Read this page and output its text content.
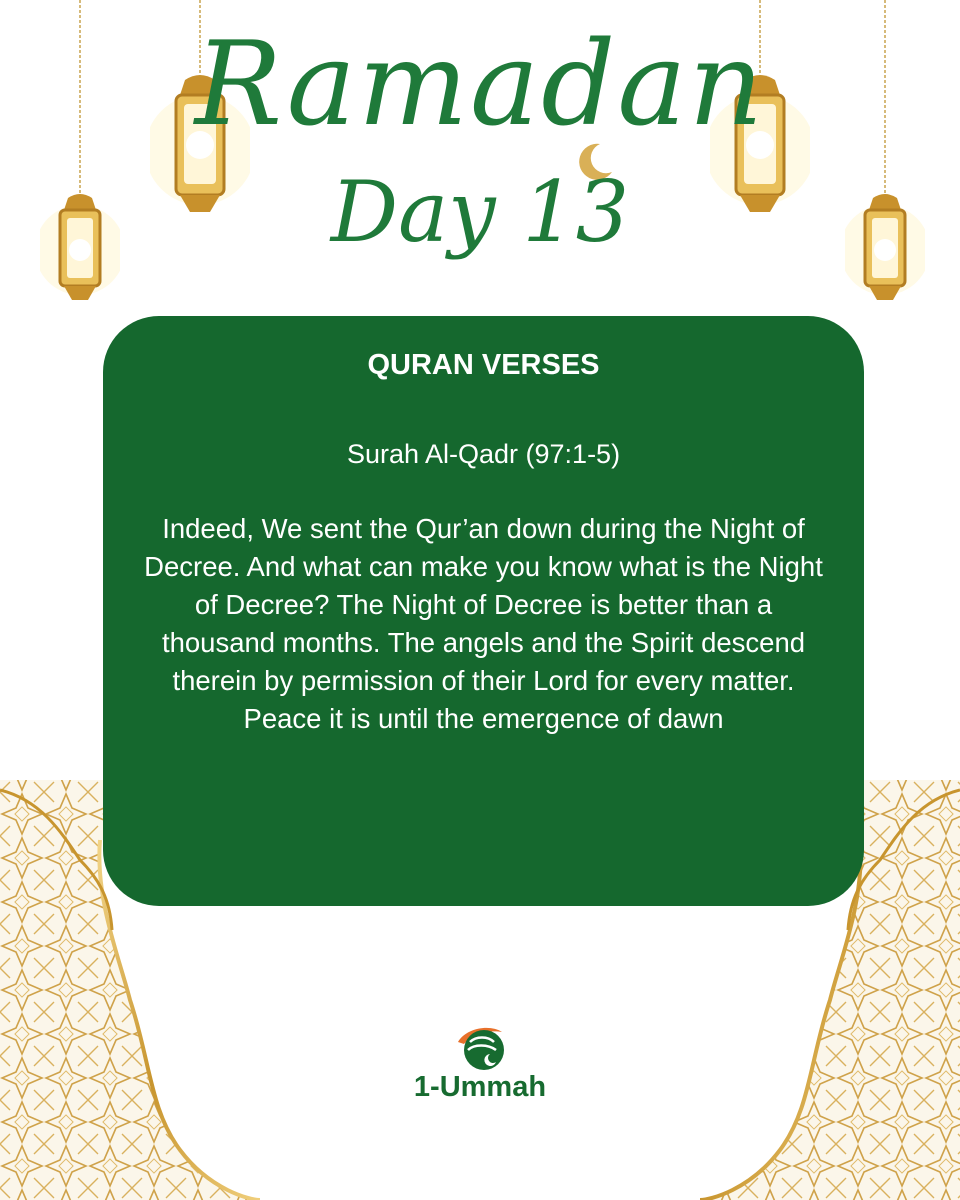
Ramadan
Day 13
QURAN VERSES
Surah Al-Qadr (97:1-5)
Indeed, We sent the Qur’an down during the Night of Decree. And what can make you know what is the Night of Decree? The Night of Decree is better than a thousand months. The angels and the Spirit descend therein by permission of their Lord for every matter. Peace it is until the emergence of dawn
1-Ummah
